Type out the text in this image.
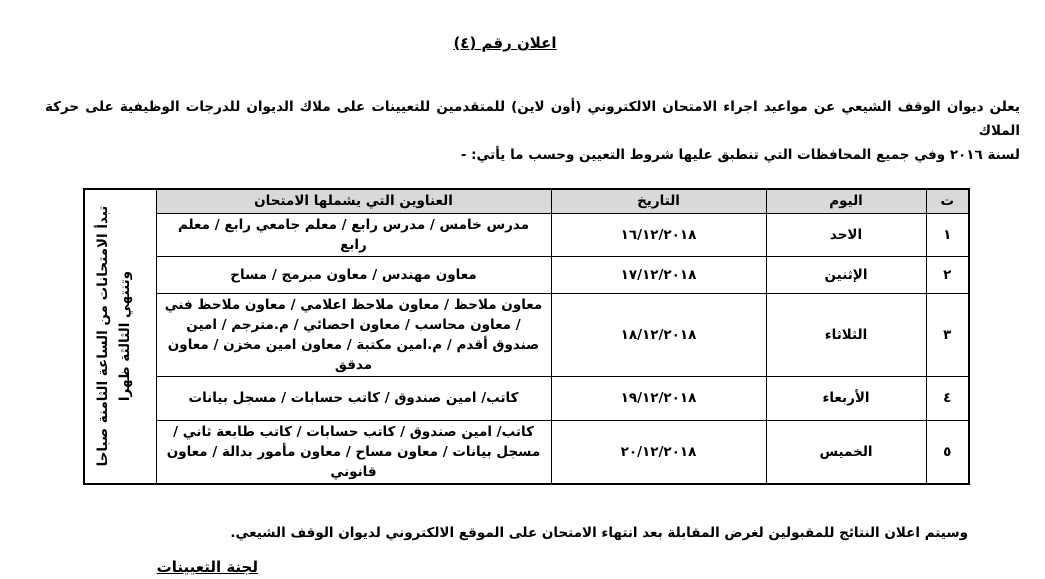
اعلان رقم (٤)
يعلن ديوان الوقف الشيعي عن مواعيد اجراء الامتحان الالكتروني (أون لاين) للمتقدمين للتعيينات على ملاك الديوان للدرجات الوظيفية على حركة الملاك
لسنة ٢٠١٦ وفي جميع المحافظات التي تنطبق عليها شروط التعيين وحسب ما يأتي: -
ت	اليوم	التاريخ	العناوين التي يشملها الامتحان	تبدأ الامتحانات من الساعة الثامنة صباحا وتنتهي الثالثة ظهرا

١	الاحد	١٦/١٢/٢٠١٨	مدرس خامس / مدرس رابع / معلم جامعي رابع / معلم رابع	
٢	الإثنين	١٧/١٢/٢٠١٨	معاون مهندس / معاون مبرمج / مساح	
٣	الثلاثاء	١٨/١٢/٢٠١٨	معاون ملاحظ / معاون ملاحظ اعلامي / معاون ملاحظ فني / معاون محاسب / معاون احصائي / م.مترجم / امين صندوق أقدم / م.امين مكتبة / معاون امين مخزن / معاون مدقق	
٤	الأربعاء	١٩/١٢/٢٠١٨	كاتب/ امين صندوق / كاتب حسابات / مسجل بيانات	
٥	الخميس	٢٠/١٢/٢٠١٨	كاتب/ امين صندوق / كاتب حسابات / كاتب طابعة ثاني / مسجل بيانات / معاون مساح / معاون مأمور بدالة / معاون قانوني	
وسيتم اعلان النتائج للمقبولين لغرض المقابلة بعد انتهاء الامتحان على الموقع الالكتروني لديوان الوقف الشيعي.
لجنة التعيينات
